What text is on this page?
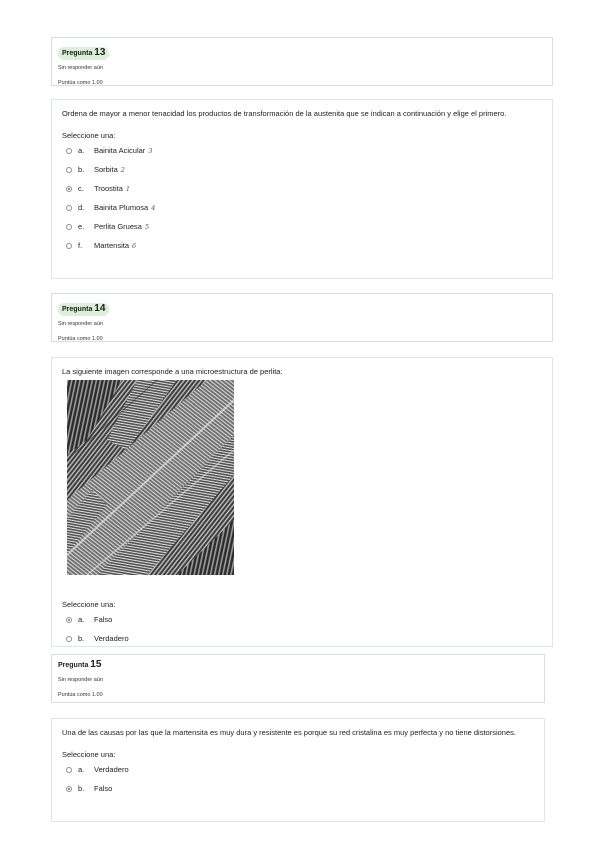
Pregunta 13
Sin responder aún
Puntúa como 1.00
Ordena de mayor a menor tenacidad los productos de transformación de la austenita que se indican a continuación y elige el primero.
Seleccione una:
a.	Bainita Acicular 3
b.	Sorbita 2
c.	Troostita 1
d.	Bainita Plumosa 4
e.	Perlita Gruesa 5
f.	Martensita 6
Pregunta 14
Sin responder aún
Puntúa como 1.00
La siguiente imagen corresponde a una microestructura de perlita:
Seleccione una:
a.	Falso
b.	Verdadero
Pregunta 15
Sin responder aún
Puntúa como 1.00
Una de las causas por las que la martensita es muy dura y resistente es porque su red cristalina es muy perfecta y no tiene distorsiones.
Seleccione una:
a.	Verdadero
b.	Falso
